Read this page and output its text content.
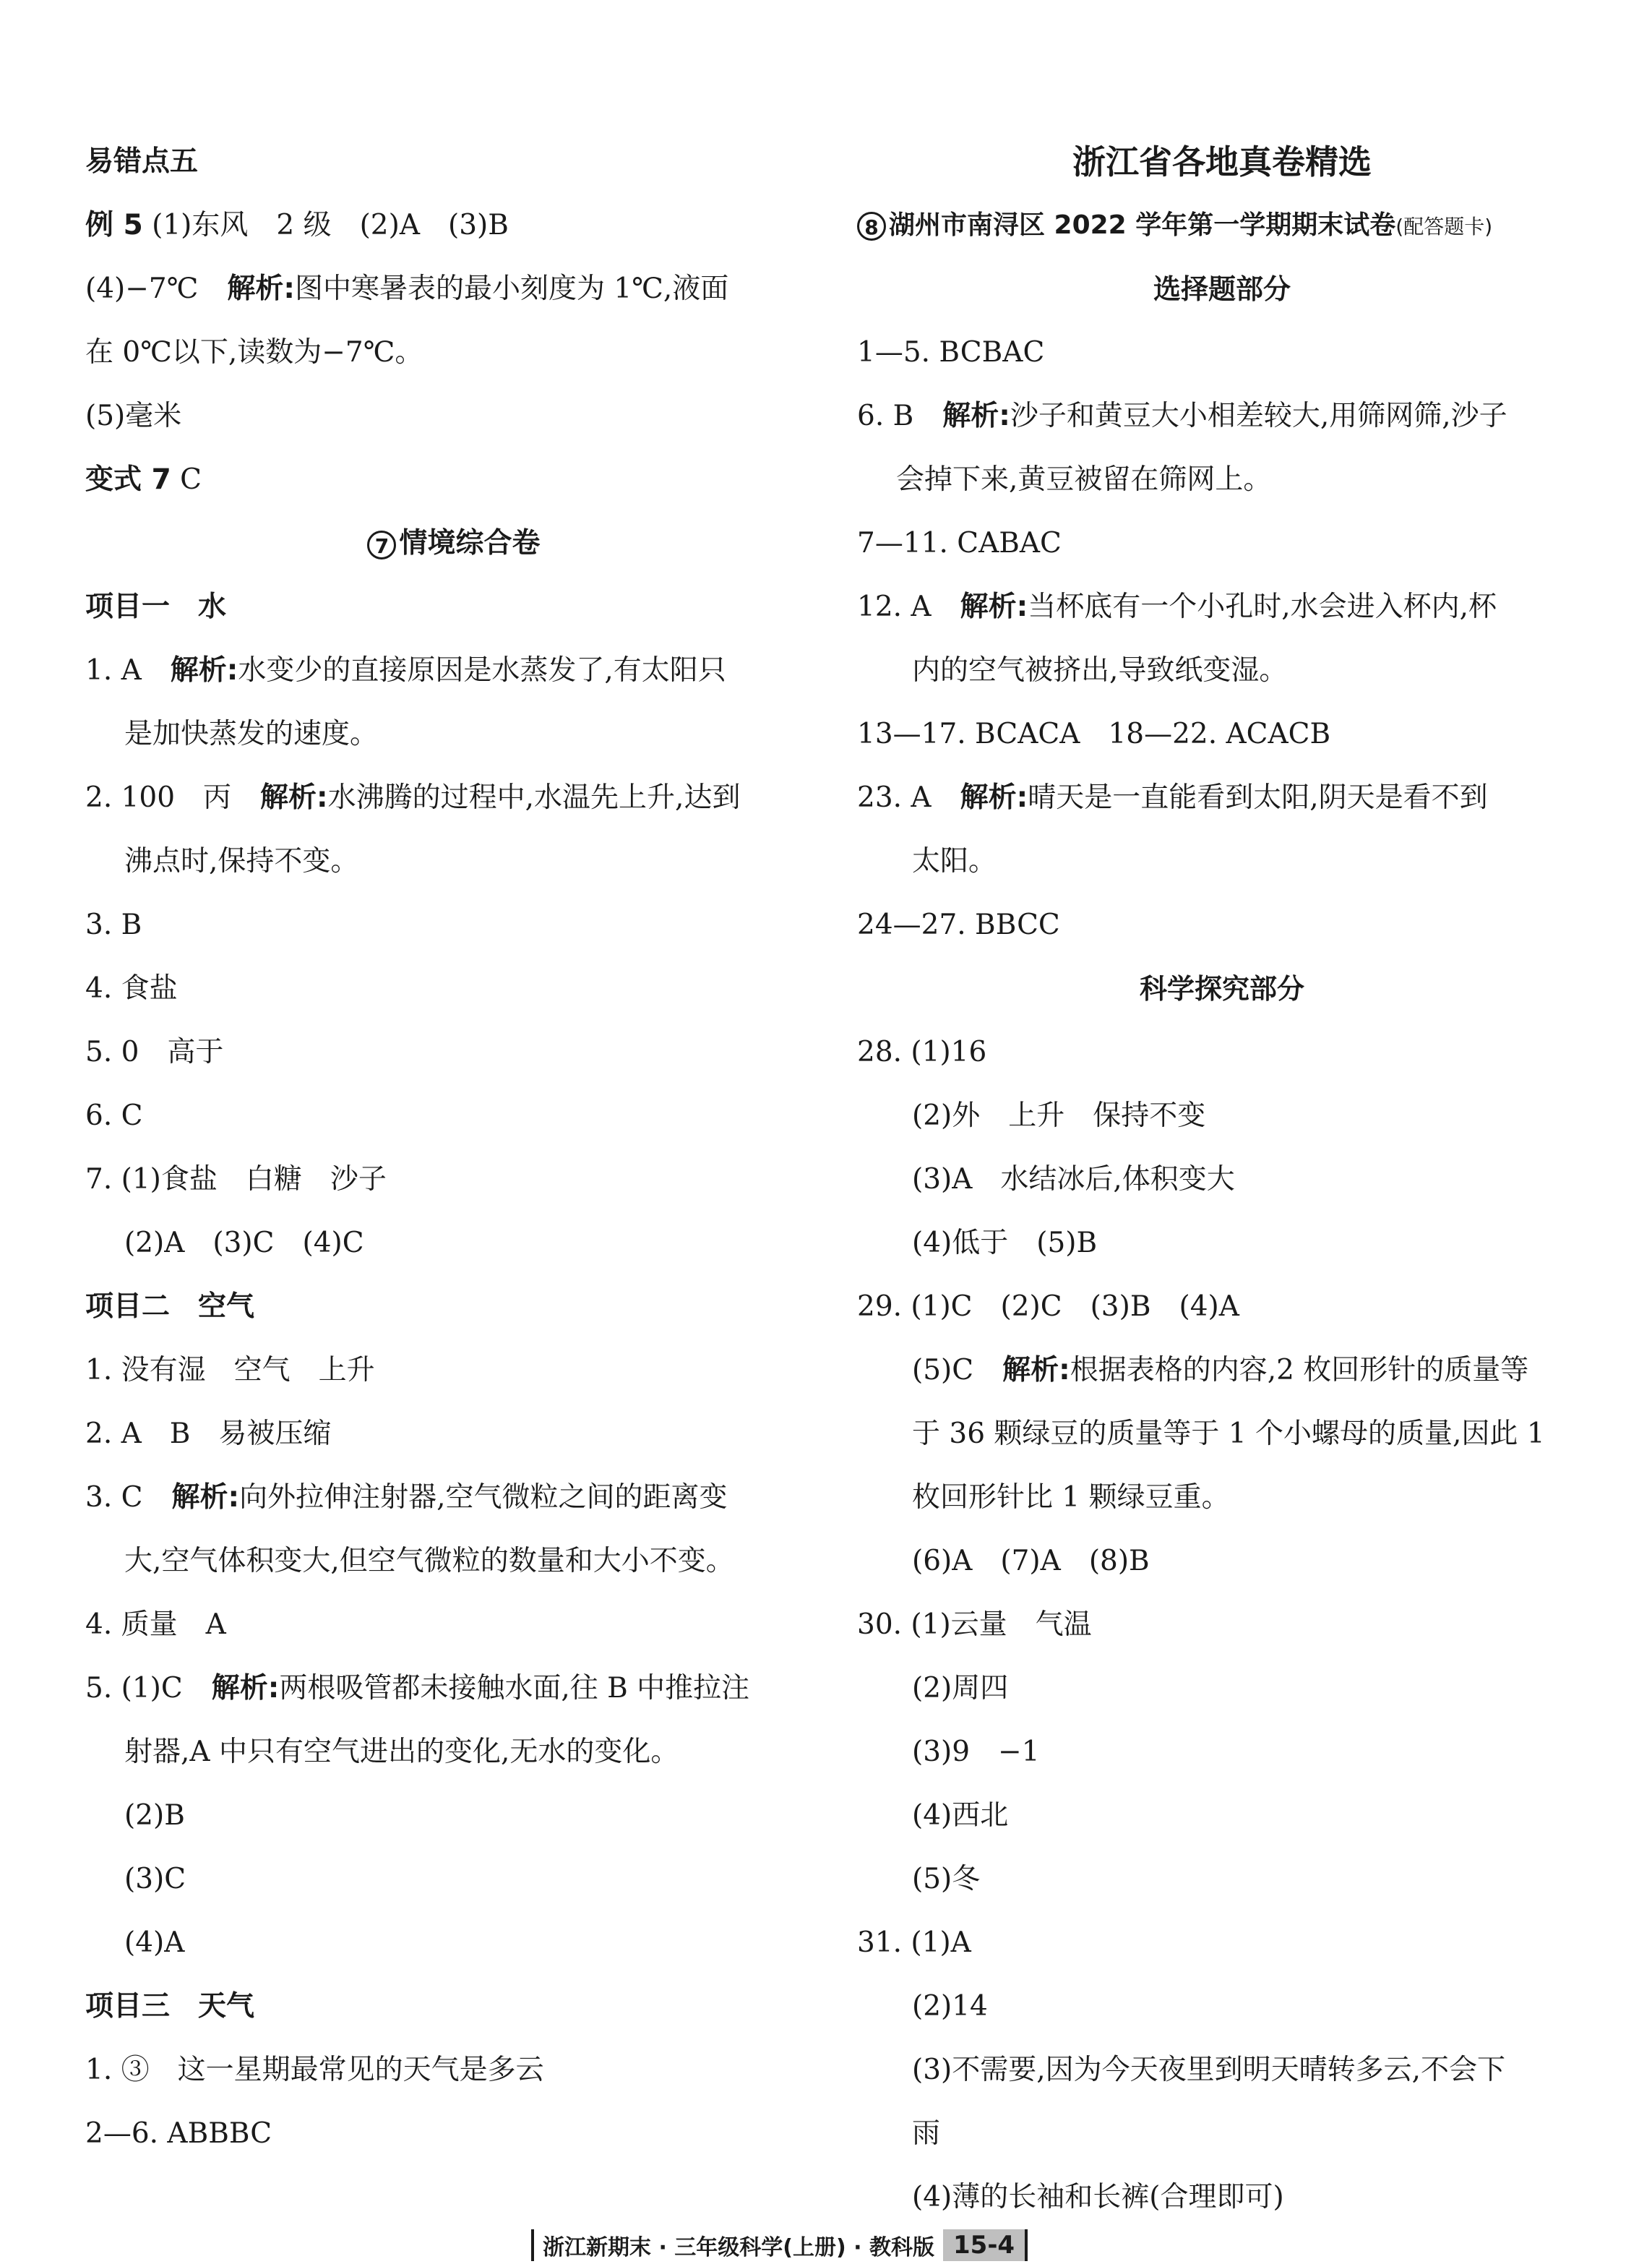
易错点五
例 5 (1)东风　2 级　(2)A　(3)B
(4)−7℃ 解析:图中寒暑表的最小刻度为 1℃,液面
在 0℃以下,读数为−7℃。
(5)毫米
变式 7 C
7 情境综合卷
项目一　水
1. A 解析:水变少的直接原因是水蒸发了,有太阳只
是加快蒸发的速度。
2. 100　丙 解析:水沸腾的过程中,水温先上升,达到
沸点时,保持不变。
3. B
4. 食盐
5. 0　高于
6. C
7. (1)食盐　白糖　沙子
(2)A　(3)C　(4)C
项目二　空气
1. 没有湿　空气　上升
2. A　B　易被压缩
3. C 解析:向外拉伸注射器,空气微粒之间的距离变
大,空气体积变大,但空气微粒的数量和大小不变。
4. 质量　A
5. (1)C 解析:两根吸管都未接触水面,往 B 中推拉注
射器,A 中只有空气进出的变化,无水的变化。
(2)B
(3)C
(4)A
项目三　天气
1. ③　这一星期最常见的天气是多云
2—6. ABBBC
浙江省各地真卷精选
8 湖州市南浔区 2022 学年第一学期期末试卷(配答题卡)
选择题部分
1—5. BCBAC
6. B 解析:沙子和黄豆大小相差较大,用筛网筛,沙子
会掉下来,黄豆被留在筛网上。
7—11. CABAC
12. A 解析:当杯底有一个小孔时,水会进入杯内,杯
内的空气被挤出,导致纸变湿。
13—17. BCACA　18—22. ACACB
23. A 解析:晴天是一直能看到太阳,阴天是看不到
太阳。
24—27. BBCC
科学探究部分
28. (1)16
(2)外　上升　保持不变
(3)A　水结冰后,体积变大
(4)低于　(5)B
29. (1)C　(2)C　(3)B　(4)A
(5)C 解析:根据表格的内容,2 枚回形针的质量等
于 36 颗绿豆的质量等于 1 个小螺母的质量,因此 1
枚回形针比 1 颗绿豆重。
(6)A　(7)A　(8)B
30. (1)云量　气温
(2)周四
(3)9　−1
(4)西北
(5)冬
31. (1)A
(2)14
(3)不需要,因为今天夜里到明天晴转多云,不会下
雨
(4)薄的长袖和长裤(合理即可)
浙江新期末 · 三年级科学(上册) · 教科版 15-4
